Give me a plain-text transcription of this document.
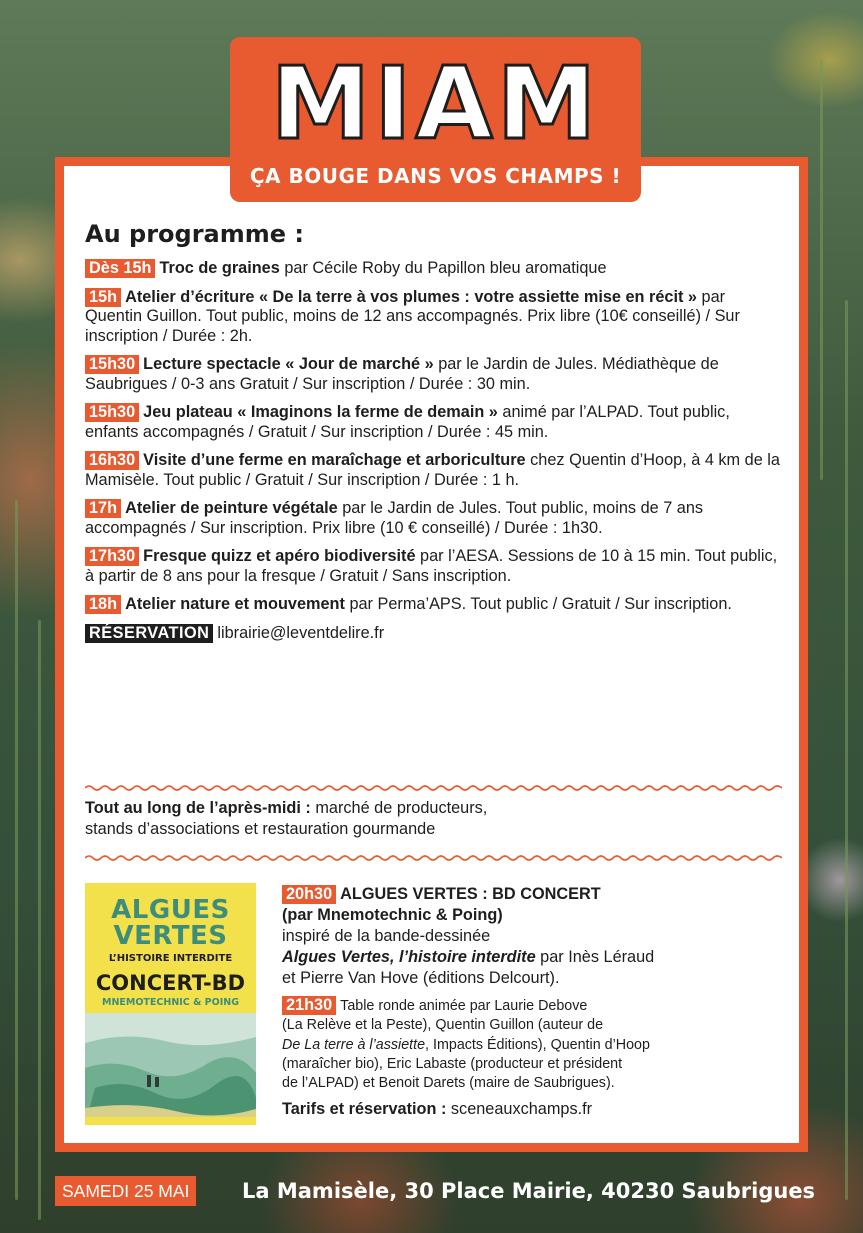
MIAM
ÇA BOUGE DANS VOS CHAMPS !
Au programme :
Dès 15h Troc de graines par Cécile Roby du Papillon bleu aromatique
15h Atelier d’écriture « De la terre à vos plumes : votre assiette mise en récit » par Quentin Guillon. Tout public, moins de 12 ans accompagnés. Prix libre (10€ conseillé) / Sur inscription / Durée : 2h.
15h30 Lecture spectacle « Jour de marché » par le Jardin de Jules. Médiathèque de Saubrigues / 0-3 ans Gratuit / Sur inscription / Durée : 30 min.
15h30 Jeu plateau « Imaginons la ferme de demain » animé par l’ALPAD. Tout public, enfants accompagnés / Gratuit / Sur inscription / Durée : 45 min.
16h30 Visite d’une ferme en maraîchage et arboriculture chez Quentin d’Hoop, à 4 km de la Mamisèle. Tout public / Gratuit / Sur inscription / Durée : 1 h.
17h Atelier de peinture végétale par le Jardin de Jules. Tout public, moins de 7 ans accompagnés / Sur inscription. Prix libre (10 € conseillé) / Durée : 1h30.
17h30 Fresque quizz et apéro biodiversité par l’AESA. Sessions de 10 à 15 min. Tout public, à partir de 8 ans pour la fresque / Gratuit / Sans inscription.
18h Atelier nature et mouvement par Perma’APS. Tout public / Gratuit / Sur inscription.
RÉSERVATION librairie@leventdelire.fr
Tout au long de l’après-midi : marché de producteurs,
stands d’associations et restauration gourmande
ALGUES
VERTES
L’HISTOIRE INTERDITE
CONCERT-BD
MNEMOTECHNIC & POING
20h30 ALGUES VERTES : BD CONCERT
(par Mnemotechnic & Poing)
inspiré de la bande-dessinée
Algues Vertes, l’histoire interdite par Inès Léraud
et Pierre Van Hove (éditions Delcourt).
21h30 Table ronde animée par Laurie Debove
(La Relève et la Peste), Quentin Guillon (auteur de
De La terre à l’assiette, Impacts Éditions), Quentin d’Hoop
(maraîcher bio), Eric Labaste (producteur et président
de l’ALPAD) et Benoit Darets (maire de Saubrigues).
Tarifs et réservation : sceneauxchamps.fr
SAMEDI 25 MAI	La Mamisèle, 30 Place Mairie, 40230 Saubrigues
